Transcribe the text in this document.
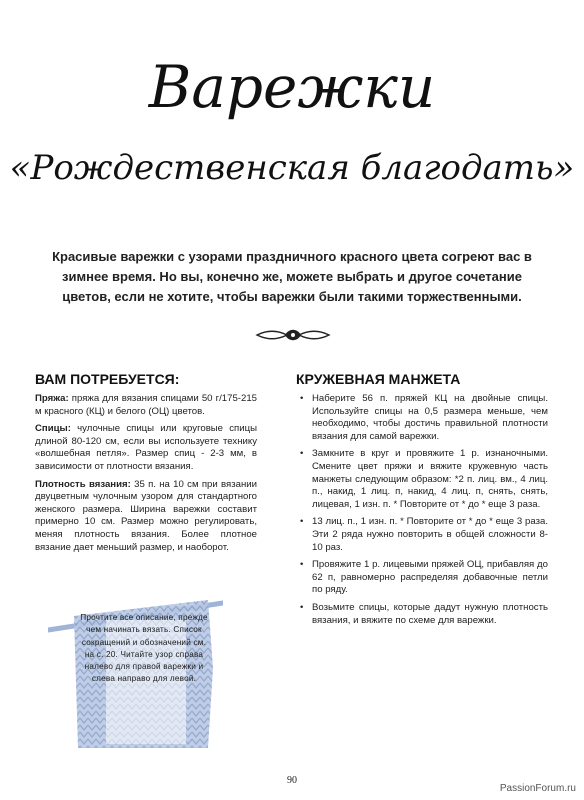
Варежки
«Рождественская благодать»
Красивые варежки с узорами праздничного красного цвета согреют вас в зимнее время. Но вы, конечно же, можете выбрать и другое сочетание цветов, если не хотите, чтобы варежки были такими торжественными.
ВАМ ПОТРЕБУЕТСЯ:

Пряжа: пряжа для вязания спицами 50 г/175-215 м красного (КЦ) и белого (ОЦ) цветов.

Спицы: чулочные спицы или круговые спицы длиной 80-120 см, если вы используете технику «волшебная петля». Размер спиц - 2-3 мм, в зависимости от плотности вязания.

Плотность вязания: 35 п. на 10 см при вязании двуцветным чулочным узором для стандартного женского размера. Ширина варежки составит примерно 10 см. Размер можно регулировать, меняя плотность вязания. Более плотное вязание дает меньший размер, и наоборот.

КРУЖЕВНАЯ МАНЖЕТА
• Наберите 56 п. пряжей КЦ на двойные спицы. Используйте спицы на 0,5 размера меньше, чем необходимо, чтобы достичь правильной плотности вязания для самой варежки.
• Замкните в круг и провяжите 1 р. изнаночными. Смените цвет пряжи и вяжите кружевную часть манжеты следующим образом: *2 п. лиц. вм., 4 лиц. п., накид, 1 лиц. п, накид, 4 лиц. п, снять, снять, лицевая, 1 изн. п. * Повторите от * до * еще 3 раза.
• 13 лиц. п., 1 изн. п. * Повторите от * до * еще 3 раза. Эти 2 ряда нужно повторить в общей сложности 8-10 раз.
• Провяжите 1 р. лицевыми пряжей ОЦ, прибавляя до 62 п, равномерно распределяя добавочные петли по ряду.
• Возьмите спицы, которые дадут нужную плотность вязания, и вяжите по схеме для варежки.
Прочтите все описание, прежде чем начинать вязать. Список сокращений и обозначений см. на с. 20. Читайте узор справа налево для правой варежки и слева направо для левой.
90
PassionForum.ru
